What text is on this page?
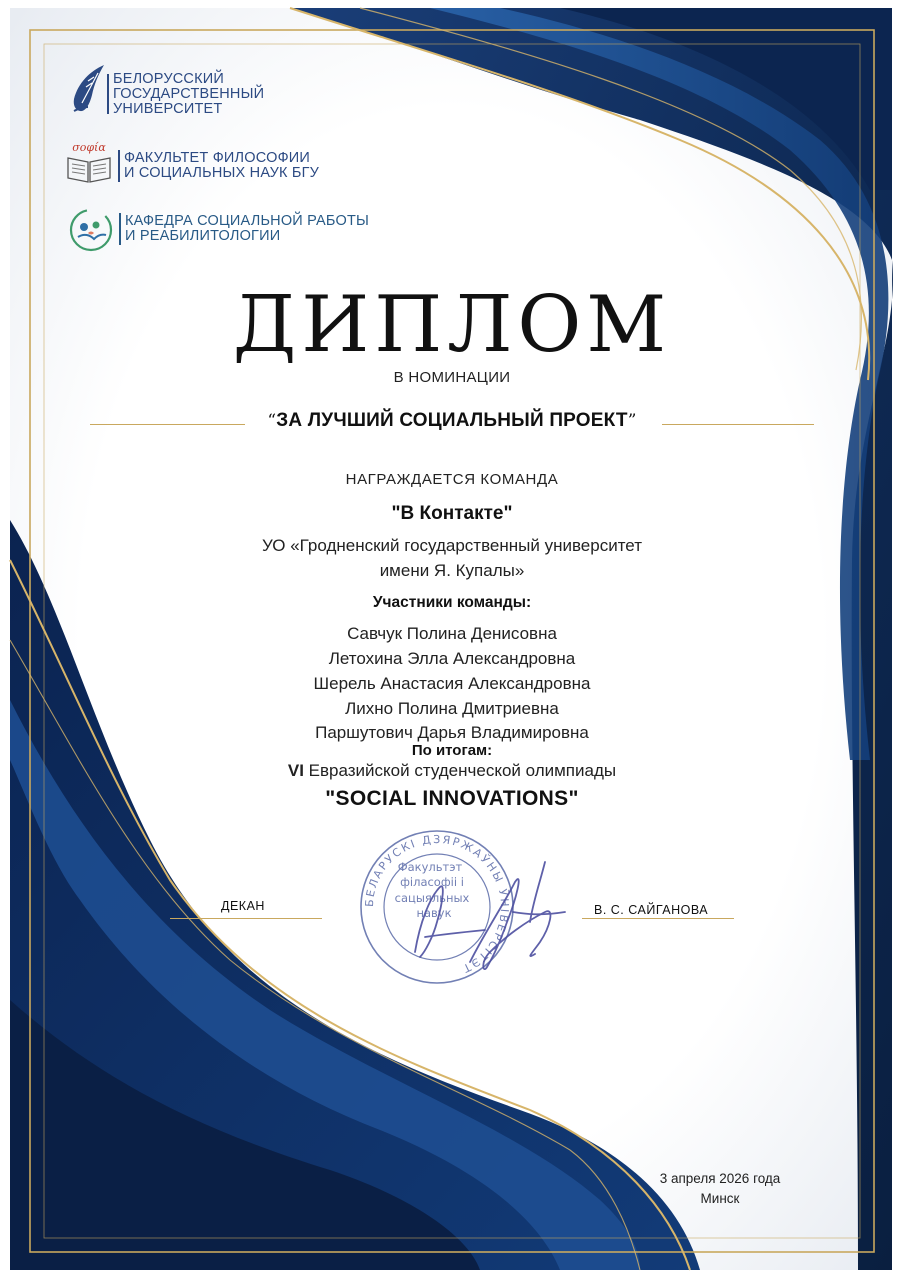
БЕЛОРУССКИЙ
ГОСУДАРСТВЕННЫЙ
УНИВЕРСИТЕТ
σοφία
ФАКУЛЬТЕТ ФИЛОСОФИИ
И СОЦИАЛЬНЫХ НАУК БГУ
КАФЕДРА СОЦИАЛЬНОЙ РАБОТЫ
И РЕАБИЛИТОЛОГИИ
ДИПЛОМ
В НОМИНАЦИИ
“ЗА ЛУЧШИЙ СОЦИАЛЬНЫЙ ПРОЕКТ”
НАГРАЖДАЕТСЯ КОМАНДА
"В Контакте"
УО «Гродненский государственный университет
имени Я. Купалы»
Участники команды:
Савчук Полина Денисовна
Летохина Элла Александровна
Шерель Анастасия Александровна
Лихно Полина Дмитриевна
Паршутович Дарья Владимировна
По итогам:
VI Евразийской студенческой олимпиады
"SOCIAL INNOVATIONS"
ДЕКАН	В. С. САЙГАНОВА
БЕЛАРУСКІ ДЗЯРЖАЎНЫ ЎНІВЕРСІТЭТ
Факультэт
філасофіі і
сацыяльных
навук
3 апреля 2026 года
Минск
